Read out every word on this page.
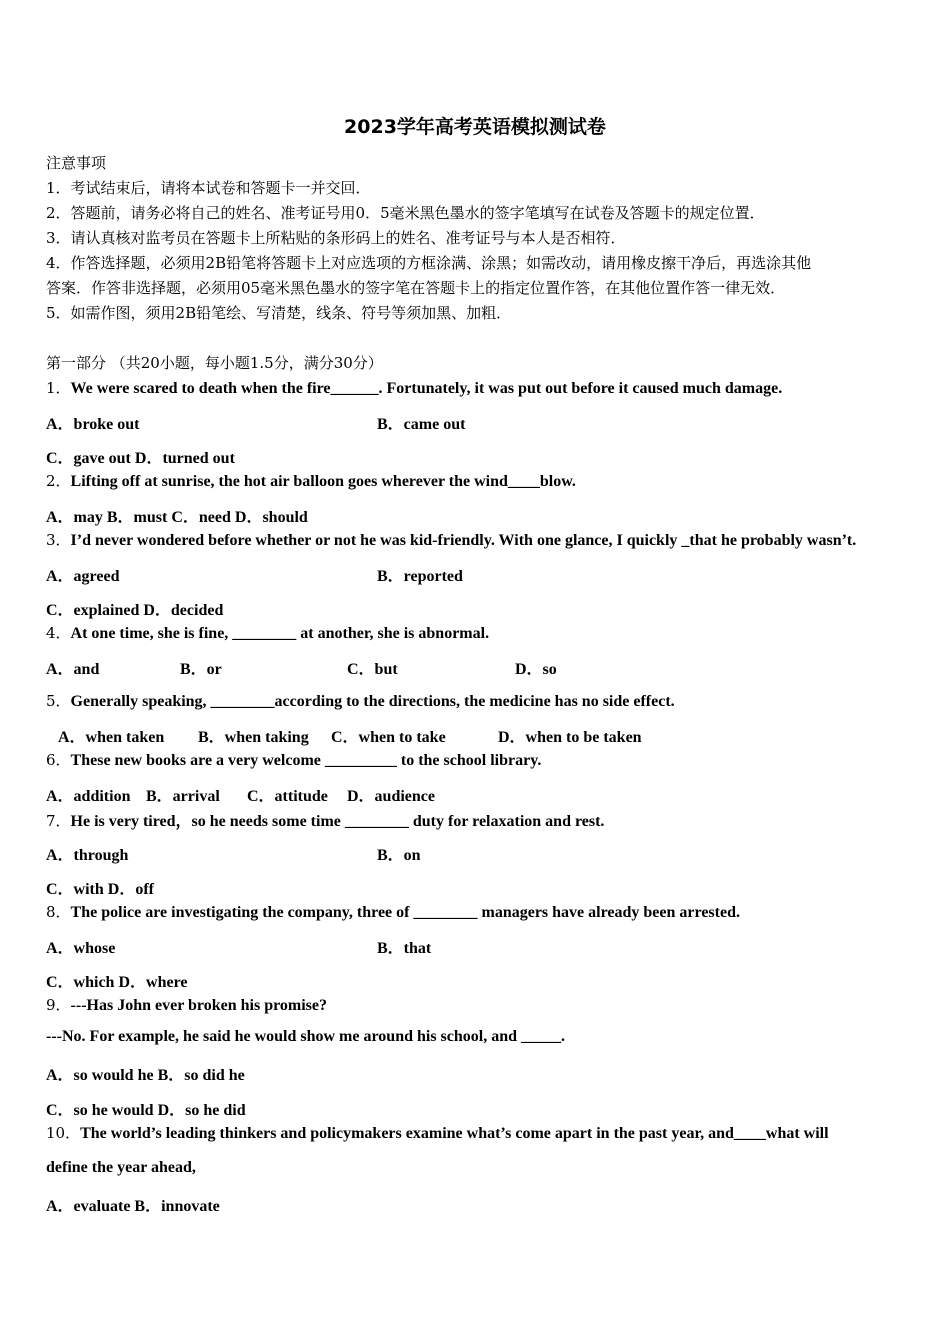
2023学年高考英语模拟测试卷
注意事项
1．考试结束后，请将本试卷和答题卡一并交回．
2．答题前，请务必将自己的姓名、准考证号用0．5毫米黑色墨水的签字笔填写在试卷及答题卡的规定位置．
3．请认真核对监考员在答题卡上所粘贴的条形码上的姓名、准考证号与本人是否相符．
4．作答选择题，必须用2B铅笔将答题卡上对应选项的方框涂满、涂黑；如需改动，请用橡皮擦干净后，再选涂其他
答案．作答非选择题，必须用05毫米黑色墨水的签字笔在答题卡上的指定位置作答，在其他位置作答一律无效．
5．如需作图，须用2B铅笔绘、写清楚，线条、符号等须加黑、加粗．
第一部分 （共20小题，每小题1.5分，满分30分）
1．We were scared to death when the fire______. Fortunately, it was put out before it caused much damage.
A．broke out	B．came out
C．gave out D．turned out
2．Lifting off at sunrise, the hot air balloon goes wherever the wind____blow.
A．may B．must C．need D．should
3．I’d never wondered before whether or not he was kid-friendly. With one glance, I quickly _that he probably wasn’t.
A．agreed	B．reported
C．explained D．decided
4．At one time, she is fine, ________ at another, she is abnormal.
A．and	B．or	C．but	D．so
5．Generally speaking, ________according to the directions, the medicine has no side effect.
A．when taken B．when taking C．when to take	D．when to be taken
6．These new books are a very welcome _________ to the school library.
A．addition B．arrival C．attitude D．audience
7．He is very tired，so he needs some time ________ duty for relaxation and rest.
A．through	B．on
C．with D．off
8．The police are investigating the company, three of ________ managers have already been arrested.
A．whose	B．that
C．which D．where
9．---Has John ever broken his promise?
---No. For example, he said he would show me around his school, and _____.
A．so would he B．so did he
C．so he would D．so he did
10．The world’s leading thinkers and policymakers examine what’s come apart in the past year, and____what will
define the year ahead,
A．evaluate B．innovate
